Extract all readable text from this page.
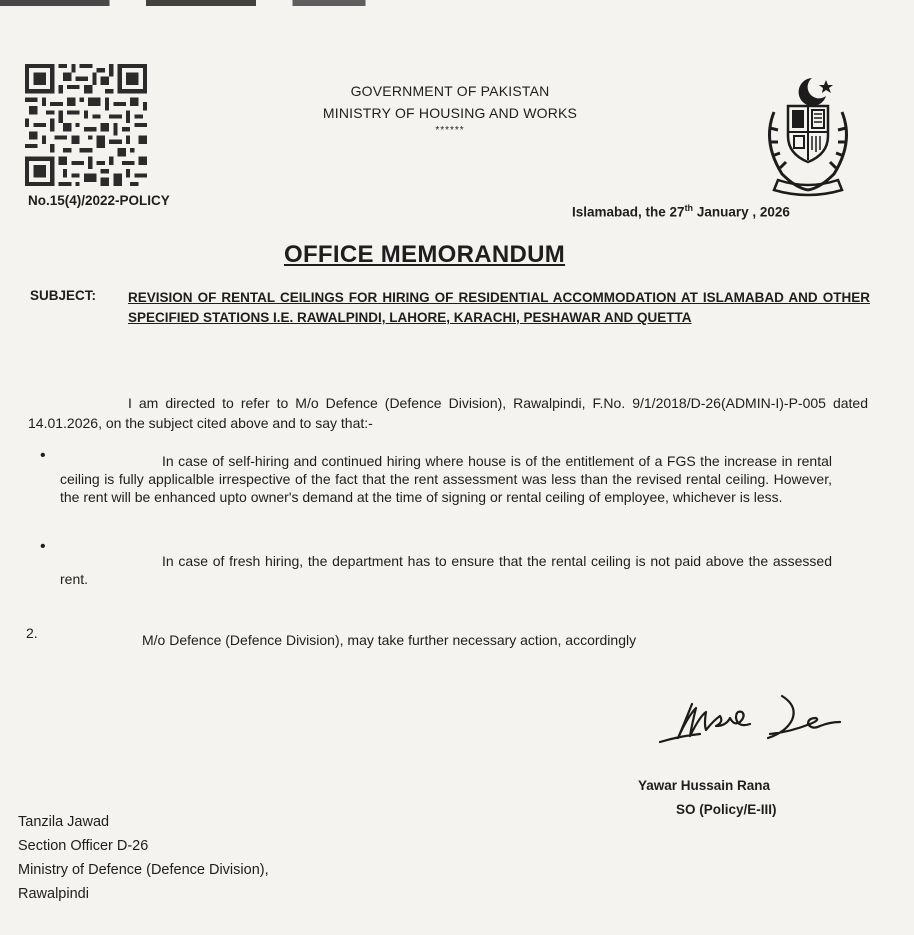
GOVERNMENT OF PAKISTAN
MINISTRY OF HOUSING AND WORKS
******
No.15(4)/2022-POLICY
Islamabad, the 27th January , 2026
OFFICE MEMORANDUM
SUBJECT: REVISION OF RENTAL CEILINGS FOR HIRING OF RESIDENTIAL ACCOMMODATION AT ISLAMABAD AND OTHER SPECIFIED STATIONS I.E. RAWALPINDI, LAHORE, KARACHI, PESHAWAR AND QUETTA
I am directed to refer to M/o Defence (Defence Division), Rawalpindi, F.No. 9/1/2018/D-26(ADMIN-I)-P-005 dated 14.01.2026, on the subject cited above and to say that:-
•	In case of self-hiring and continued hiring where house is of the entitlement of a FGS the increase in rental ceiling is fully applicalble irrespective of the fact that the rent assessment was less than the revised rental ceiling. However, the rent will be enhanced upto owner's demand at the time of signing or rental ceiling of employee, whichever is less.
•
In case of fresh hiring, the department has to ensure that the rental ceiling is not paid above the assessed rent.
2.	M/o Defence (Defence Division), may take further necessary action, accordingly
Yawar Hussain Rana
SO (Policy/E-III)
Tanzila Jawad
Section Officer D-26
Ministry of Defence (Defence Division),
Rawalpindi
